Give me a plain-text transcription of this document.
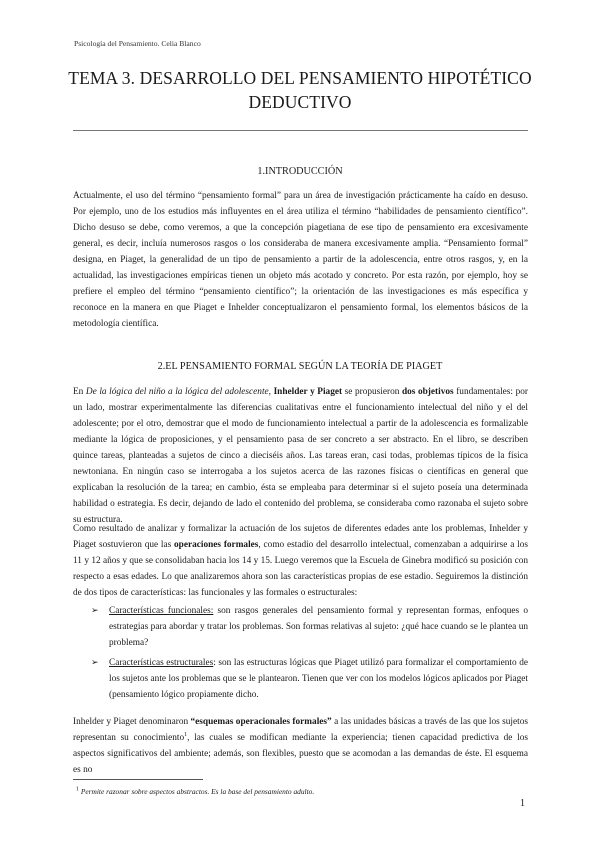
Psicología del Pensamiento. Celia Blanco
TEMA 3. DESARROLLO DEL PENSAMIENTO HIPOTÉTICO
DEDUCTIVO
1.INTRODUCCIÓN

Actualmente, el uso del término “pensamiento formal” para un área de investigación prácticamente ha caído en desuso. Por ejemplo, uno de los estudios más influyentes en el área utiliza el término “habilidades de pensamiento científico”. Dicho desuso se debe, como veremos, a que la concepción piagetiana de ese tipo de pensamiento era excesivamente general, es decir, incluía numerosos rasgos o los consideraba de manera excesivamente amplia. “Pensamiento formal” designa, en Piaget, la generalidad de un tipo de pensamiento a partir de la adolescencia, entre otros rasgos, y, en la actualidad, las investigaciones empíricas tienen un objeto más acotado y concreto. Por esta razón, por ejemplo, hoy se prefiere el empleo del término “pensamiento científico”; la orientación de las investigaciones es más específica y reconoce en la manera en que Piaget e Inhelder conceptualizaron el pensamiento formal, los elementos básicos de la metodología científica.

2.EL PENSAMIENTO FORMAL SEGÚN LA TEORÍA DE PIAGET

En De la lógica del niño a la lógica del adolescente, Inhelder y Piaget se propusieron dos objetivos fundamentales: por un lado, mostrar experimentalmente las diferencias cualitativas entre el funcionamiento intelectual del niño y el del adolescente; por el otro, demostrar que el modo de funcionamiento intelectual a partir de la adolescencia es formalizable mediante la lógica de proposiciones, y el pensamiento pasa de ser concreto a ser abstracto. En el libro, se describen quince tareas, planteadas a sujetos de cinco a dieciséis años. Las tareas eran, casi todas, problemas típicos de la física newtoniana. En ningún caso se interrogaba a los sujetos acerca de las razones físicas o científicas en general que explicaban la resolución de la tarea; en cambio, ésta se empleaba para determinar si el sujeto poseía una determinada habilidad o estrategia. Es decir, dejando de lado el contenido del problema, se consideraba como razonaba el sujeto sobre su estructura.

Como resultado de analizar y formalizar la actuación de los sujetos de diferentes edades ante los problemas, Inhelder y Piaget sostuvieron que las operaciones formales, como estadio del desarrollo intelectual, comenzaban a adquirirse a los 11 y 12 años y que se consolidaban hacia los 14 y 15. Luego veremos que la Escuela de Ginebra modificó su posición con respecto a esas edades. Lo que analizaremos ahora son las características propias de ese estadio. Seguiremos la distinción de dos tipos de características: las funcionales y las formales o estructurales:

➢ Características funcionales: son rasgos generales del pensamiento formal y representan formas, enfoques o estrategias para abordar y tratar los problemas. Son formas relativas al sujeto: ¿qué hace cuando se le plantea un problema?

➢ Características estructurales: son las estructuras lógicas que Piaget utilizó para formalizar el comportamiento de los sujetos ante los problemas que se le plantearon. Tienen que ver con los modelos lógicos aplicados por Piaget (pensamiento lógico propiamente dicho.

Inhelder y Piaget denominaron “esquemas operacionales formales” a las unidades básicas a través de las que los sujetos representan su conocimiento$^1$, las cuales se modifican mediante la experiencia; tienen capacidad predictiva de los aspectos significativos del ambiente; además, son flexibles, puesto que se acomodan a las demandas de éste. El esquema es no

$^1$ Permite razonar sobre aspectos abstractos. Es la base del pensamiento adulto.
1
